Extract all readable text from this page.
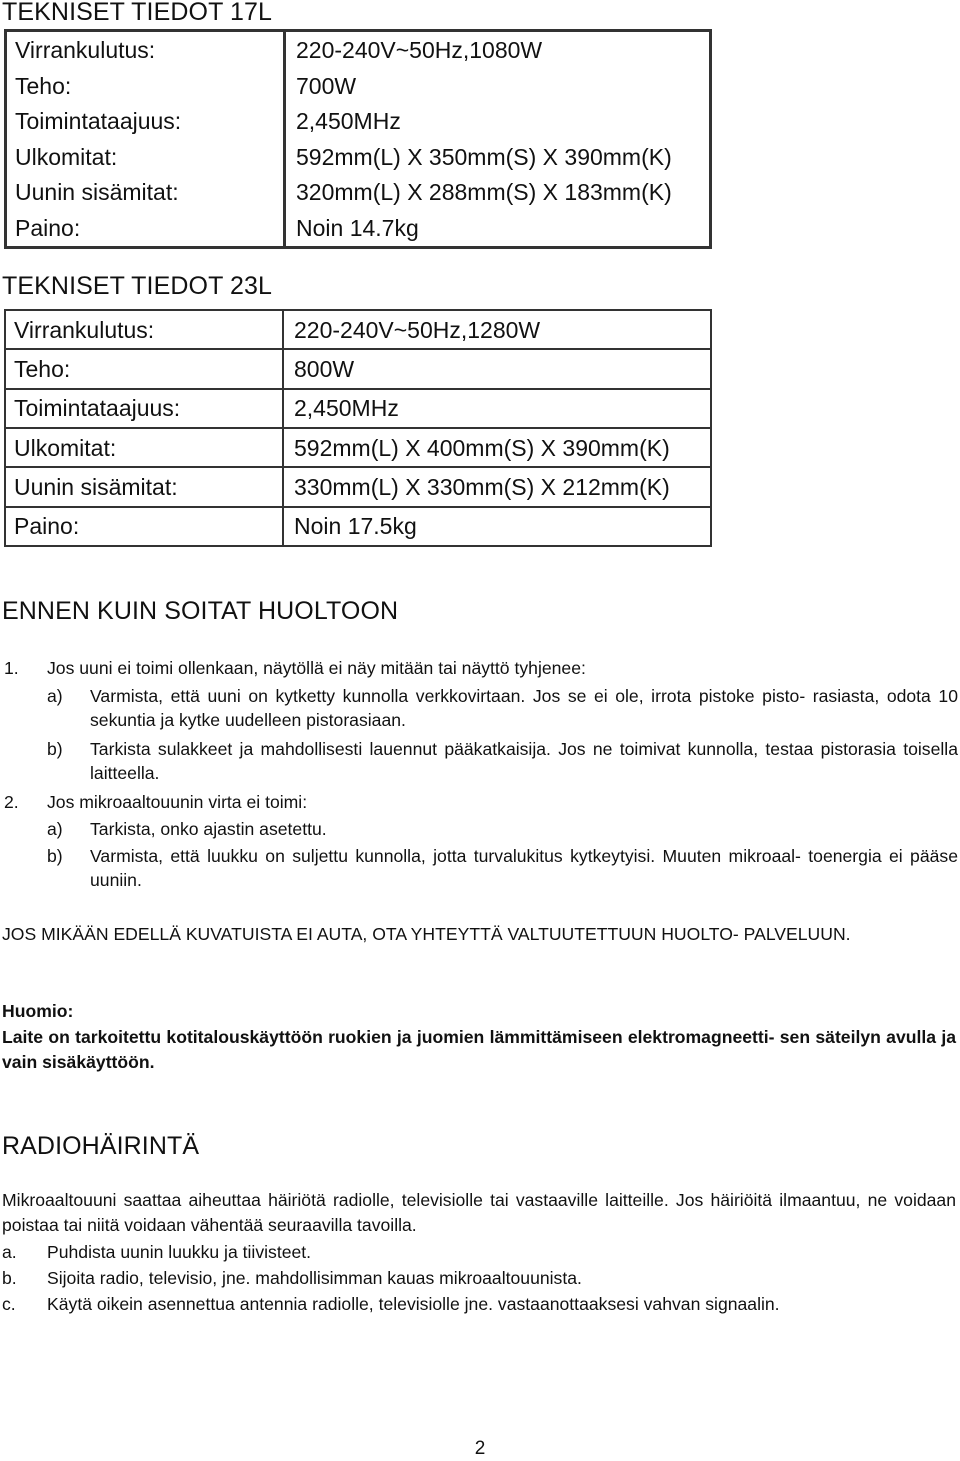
TEKNISET TIEDOT 17L
Virrankulutus:	220-240V~50Hz,1080W
Teho:	700W
Toimintataajuus:	2,450MHz
Ulkomitat:	592mm(L) X 350mm(S) X 390mm(K)
Uunin sisämitat:	320mm(L) X 288mm(S) X 183mm(K)
Paino:	Noin 14.7kg
TEKNISET TIEDOT 23L
Virrankulutus:	220-240V~50Hz,1280W
Teho:	800W
Toimintataajuus:	2,450MHz
Ulkomitat:	592mm(L) X 400mm(S) X 390mm(K)
Uunin sisämitat:	330mm(L) X 330mm(S) X 212mm(K)
Paino:	Noin 17.5kg
ENNEN KUIN SOITAT HUOLTOON

1. Jos uuni ei toimi ollenkaan, näytöllä ei näy mitään tai näyttö tyhjenee:

a) Varmista, että uuni on kytketty kunnolla verkkovirtaan. Jos se ei ole, irrota pistoke pisto- rasiasta, odota 10 sekuntia ja kytke uudelleen pistorasiaan.

b) Tarkista sulakkeet ja mahdollisesti lauennut pääkatkaisija. Jos ne toimivat kunnolla, testaa pistorasia toisella laitteella.

2. Jos mikroaaltouunin virta ei toimi:

a) Tarkista, onko ajastin asetettu.

b) Varmista, että luukku on suljettu kunnolla, jotta turvalukitus kytkeytyisi. Muuten mikroaal- toenergia ei pääse uuniin.

JOS MIKÄÄN EDELLÄ KUVATUISTA EI AUTA, OTA YHTEYTTÄ VALTUUTETTUUN HUOLTO- PALVELUUN.

Huomio:

Laite on tarkoitettu kotitalouskäyttöön ruokien ja juomien lämmittämiseen elektromagneetti- sen säteilyn avulla ja vain sisäkäyttöön.

RADIOHÄIRINTÄ

Mikroaaltouuni saattaa aiheuttaa häiriötä radiolle, televisiolle tai vastaaville laitteille. Jos häiriöitä ilmaantuu, ne voidaan poistaa tai niitä voidaan vähentää seuraavilla tavoilla.

a. Puhdista uunin luukku ja tiivisteet.

b. Sijoita radio, televisio, jne. mahdollisimman kauas mikroaaltouunista.

c. Käytä oikein asennettua antennia radiolle, televisiolle jne. vastaanottaaksesi vahvan signaalin.

2
